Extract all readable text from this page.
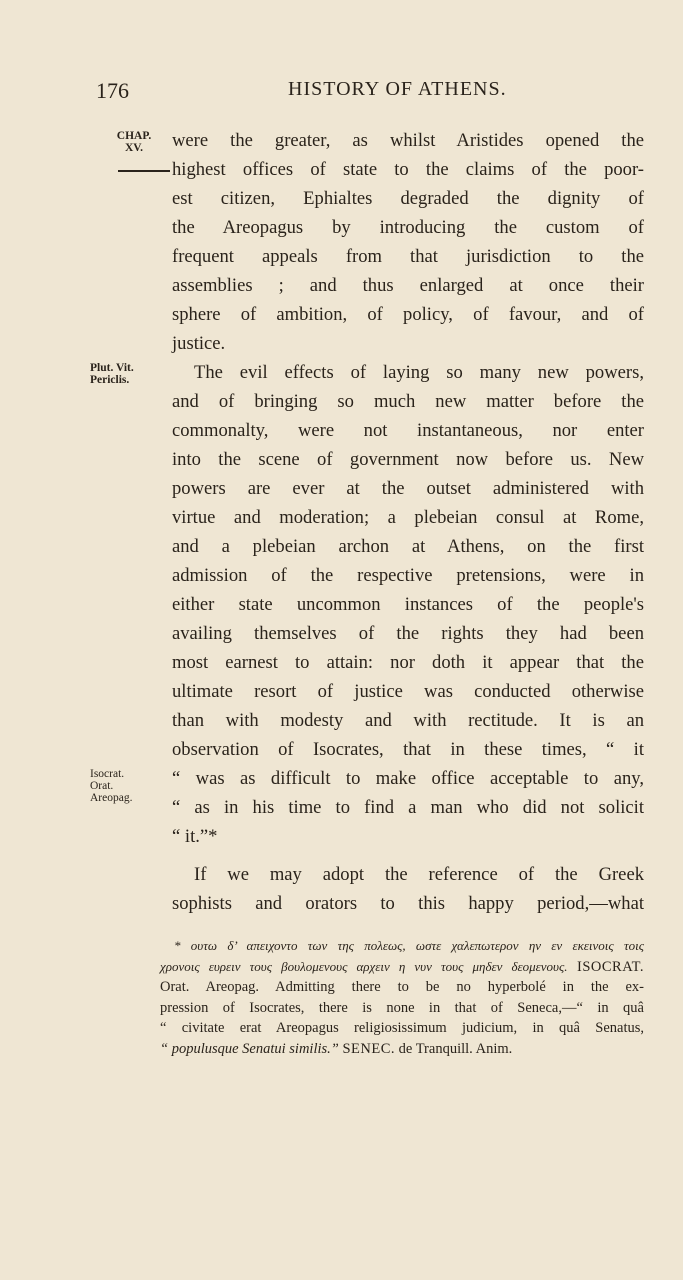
176	HISTORY OF ATHENS.
CHAP.
XV.
Plut. Vit.
Periclis.
Isocrat.
Orat.
Areopag.
were the greater, as whilst Aristides opened the
highest offices of state to the claims of the poor-
est citizen, Ephialtes degraded the dignity of
the Areopagus by introducing the custom of
frequent appeals from that jurisdiction to the
assemblies ; and thus enlarged at once their
sphere of ambition, of policy, of favour, and of
justice.
The evil effects of laying so many new powers,
and of bringing so much new matter before the
commonalty, were not instantaneous, nor enter
into the scene of government now before us. New
powers are ever at the outset administered with
virtue and moderation; a plebeian consul at Rome,
and a plebeian archon at Athens, on the first
admission of the respective pretensions, were in
either state uncommon instances of the people's
availing themselves of the rights they had been
most earnest to attain: nor doth it appear that the
ultimate resort of justice was conducted otherwise
than with modesty and with rectitude. It is an
observation of Isocrates, that in these times, “ it
“ was as difficult to make office acceptable to any,
“ as in his time to find a man who did not solicit
“ it.”*
If we may adopt the reference of the Greek
sophists and orators to this happy period,—what
* ουτω δ’ απειχοντο των της πολεως, ωστε χαλεπωτερον ην εν εκεινοις τοις
χρονοις ευρειν τους βουλομενους αρχειν η νυν τους μηδεν δεομενους. ISOCRAT.
Orat. Areopag. Admitting there to be no hyperbolé in the ex-
pression of Isocrates, there is none in that of Seneca,—“ in quâ
“ civitate erat Areopagus religiosissimum judicium, in quâ Senatus,
“ populusque Senatui similis.” SENEC. de Tranquill. Anim.
